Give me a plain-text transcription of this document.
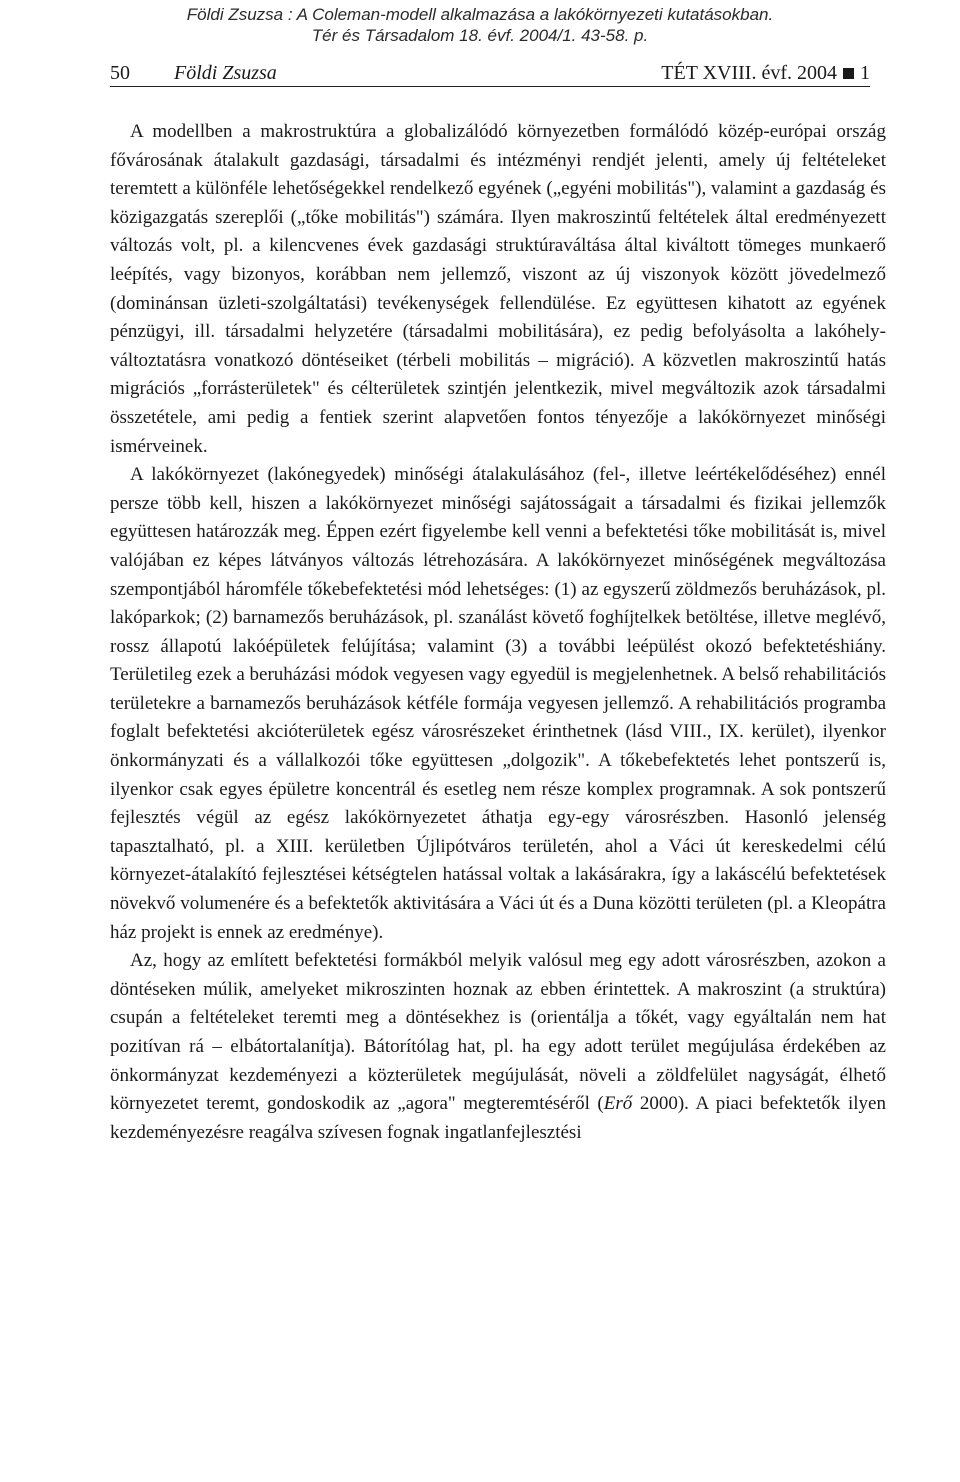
Földi Zsuzsa : A Coleman-modell alkalmazása a lakókörnyezeti kutatásokban.
Tér és Társadalom 18. évf. 2004/1. 43-58. p.
50 Földi Zsuzsa	TÉT XVIII. évf. 2004 1

A modellben a makrostruktúra a globalizálódó környezetben formálódó közép-európai ország fővárosának átalakult gazdasági, társadalmi és intézményi rendjét jelenti, amely új feltételeket teremtett a különféle lehetőségekkel rendelkező egyének („egyéni mobilitás"), valamint a gazdaság és közigazgatás szereplői („tőke mobilitás") számára. Ilyen makroszintű feltételek által eredményezett változás volt, pl. a kilencvenes évek gazdasági struktúraváltása által kiváltott tömeges munkaerő leépítés, vagy bizonyos, korábban nem jellemző, viszont az új viszonyok között jövedelmező (dominánsan üzleti-szolgáltatási) tevékenységek fellendülése. Ez együttesen kihatott az egyének pénzügyi, ill. társadalmi helyzetére (társadalmi mobilitására), ez pedig befolyásolta a lakóhely-változtatásra vonatkozó döntéseiket (térbeli mobilitás – migráció). A közvetlen makroszintű hatás migrációs „forrásterületek" és célterületek szintjén jelentkezik, mivel megváltozik azok társadalmi összetétele, ami pedig a fentiek szerint alapvetően fontos tényezője a lakókörnyezet minőségi ismérveinek.

A lakókörnyezet (lakónegyedek) minőségi átalakulásához (fel-, illetve leértékelődéséhez) ennél persze több kell, hiszen a lakókörnyezet minőségi sajátosságait a társadalmi és fizikai jellemzők együttesen határozzák meg. Éppen ezért figyelembe kell venni a befektetési tőke mobilitását is, mivel valójában ez képes látványos változás létrehozására. A lakókörnyezet minőségének megváltozása szempontjából háromféle tőkebefektetési mód lehetséges: (1) az egyszerű zöldmezős beruházások, pl. lakóparkok; (2) barnamezős beruházások, pl. szanálást követő foghíjtelkek betöltése, illetve meglévő, rossz állapotú lakóépületek felújítása; valamint (3) a további leépülést okozó befektetéshiány. Területileg ezek a beruházási módok vegyesen vagy egyedül is megjelenhetnek. A belső rehabilitációs területekre a barnamezős beruházások kétféle formája vegyesen jellemző. A rehabilitációs programba foglalt befektetési akcióterületek egész városrészeket érinthetnek (lásd VIII., IX. kerület), ilyenkor önkormányzati és a vállalkozói tőke együttesen „dolgozik". A tőkebefektetés lehet pontszerű is, ilyenkor csak egyes épületre koncentrál és esetleg nem része komplex programnak. A sok pontszerű fejlesztés végül az egész lakókörnyezetet áthatja egy-egy városrészben. Hasonló jelenség tapasztalható, pl. a XIII. kerületben Újlipótváros területén, ahol a Váci út kereskedelmi célú környezet-átalakító fejlesztései kétségtelen hatással voltak a lakásárakra, így a lakáscélú befektetések növekvő volumenére és a befektetők aktivitására a Váci út és a Duna közötti területen (pl. a Kleopátra ház projekt is ennek az eredménye).

Az, hogy az említett befektetési formákból melyik valósul meg egy adott városrészben, azokon a döntéseken múlik, amelyeket mikroszinten hoznak az ebben érintettek. A makroszint (a struktúra) csupán a feltételeket teremti meg a döntésekhez is (orientálja a tőkét, vagy egyáltalán nem hat pozitívan rá – elbátortalanítja). Bátorítólag hat, pl. ha egy adott terület megújulása érdekében az önkormányzat kezdeményezi a közterületek megújulását, növeli a zöldfelület nagyságát, élhető környezetet teremt, gondoskodik az „agora" megteremtéséről (Erő 2000). A piaci befektetők ilyen kezdeményezésre reagálva szívesen fognak ingatlanfejlesztési
